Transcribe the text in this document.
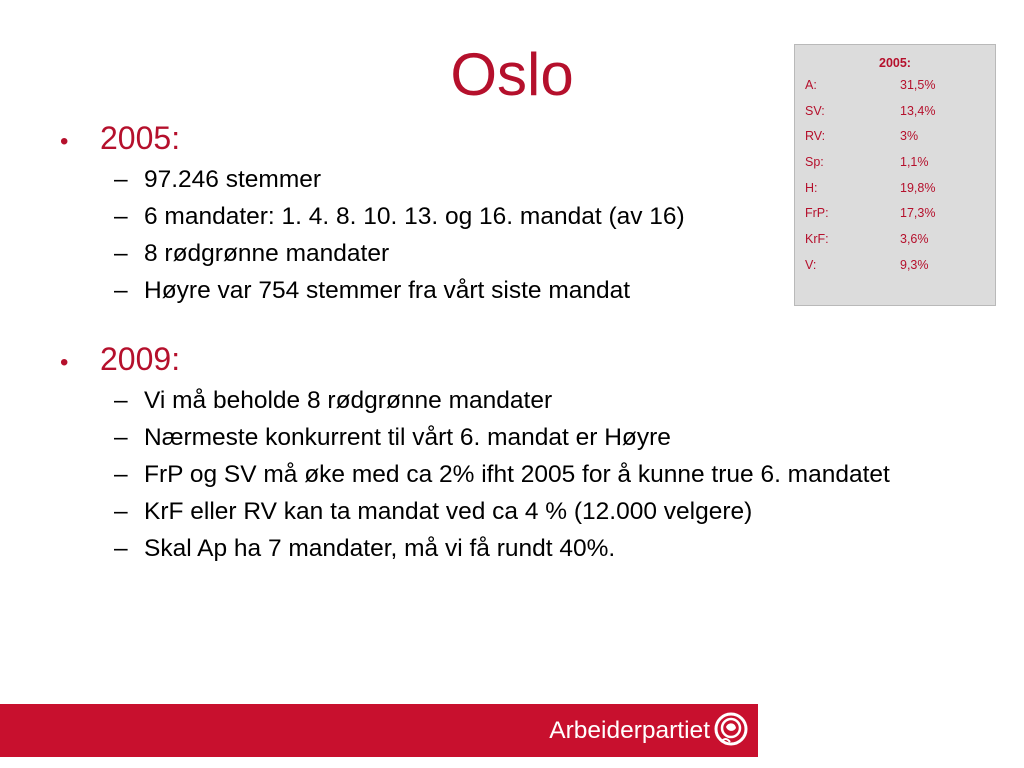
Oslo
• 2005:
– 97.246 stemmer
– 6 mandater: 1. 4. 8. 10. 13. og 16. mandat (av 16)
– 8 rødgrønne mandater
– Høyre var 754 stemmer fra vårt siste mandat
• 2009:
– Vi må beholde 8 rødgrønne mandater
– Nærmeste konkurrent til vårt 6. mandat er Høyre
– FrP og SV må øke med ca 2% ifht 2005 for å kunne true 6. mandatet
– KrF eller RV kan ta mandat ved ca 4 % (12.000 velgere)
– Skal Ap ha 7 mandater, må vi få rundt 40%.
2005:
A:	31,5%
SV:	13,4%
RV:	3%
Sp:	1,1%
H:	19,8%
FrP:	17,3%
KrF:	3,6%
V:	9,3%
Arbeiderpartiet
